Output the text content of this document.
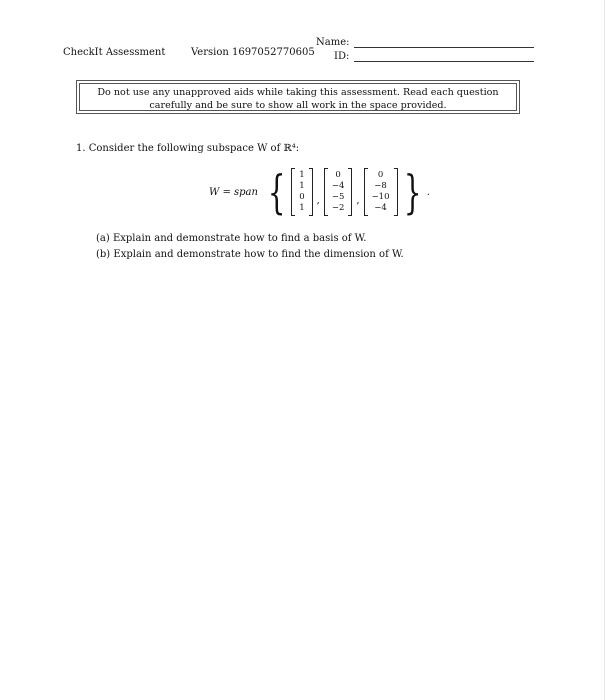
CheckIt Assessment	Version 1697052770605
Name:
ID:
Do not use any unapproved aids while taking this assessment. Read each question
carefully and be sure to show all work in the space provided.
1. Consider the following subspace W of ℝ⁴:
W = span { 1
1
0
1
,
0
−4
−5
−2
,
0
−8
−10
−4 } .
(a) Explain and demonstrate how to find a basis of W.
(b) Explain and demonstrate how to find the dimension of W.
